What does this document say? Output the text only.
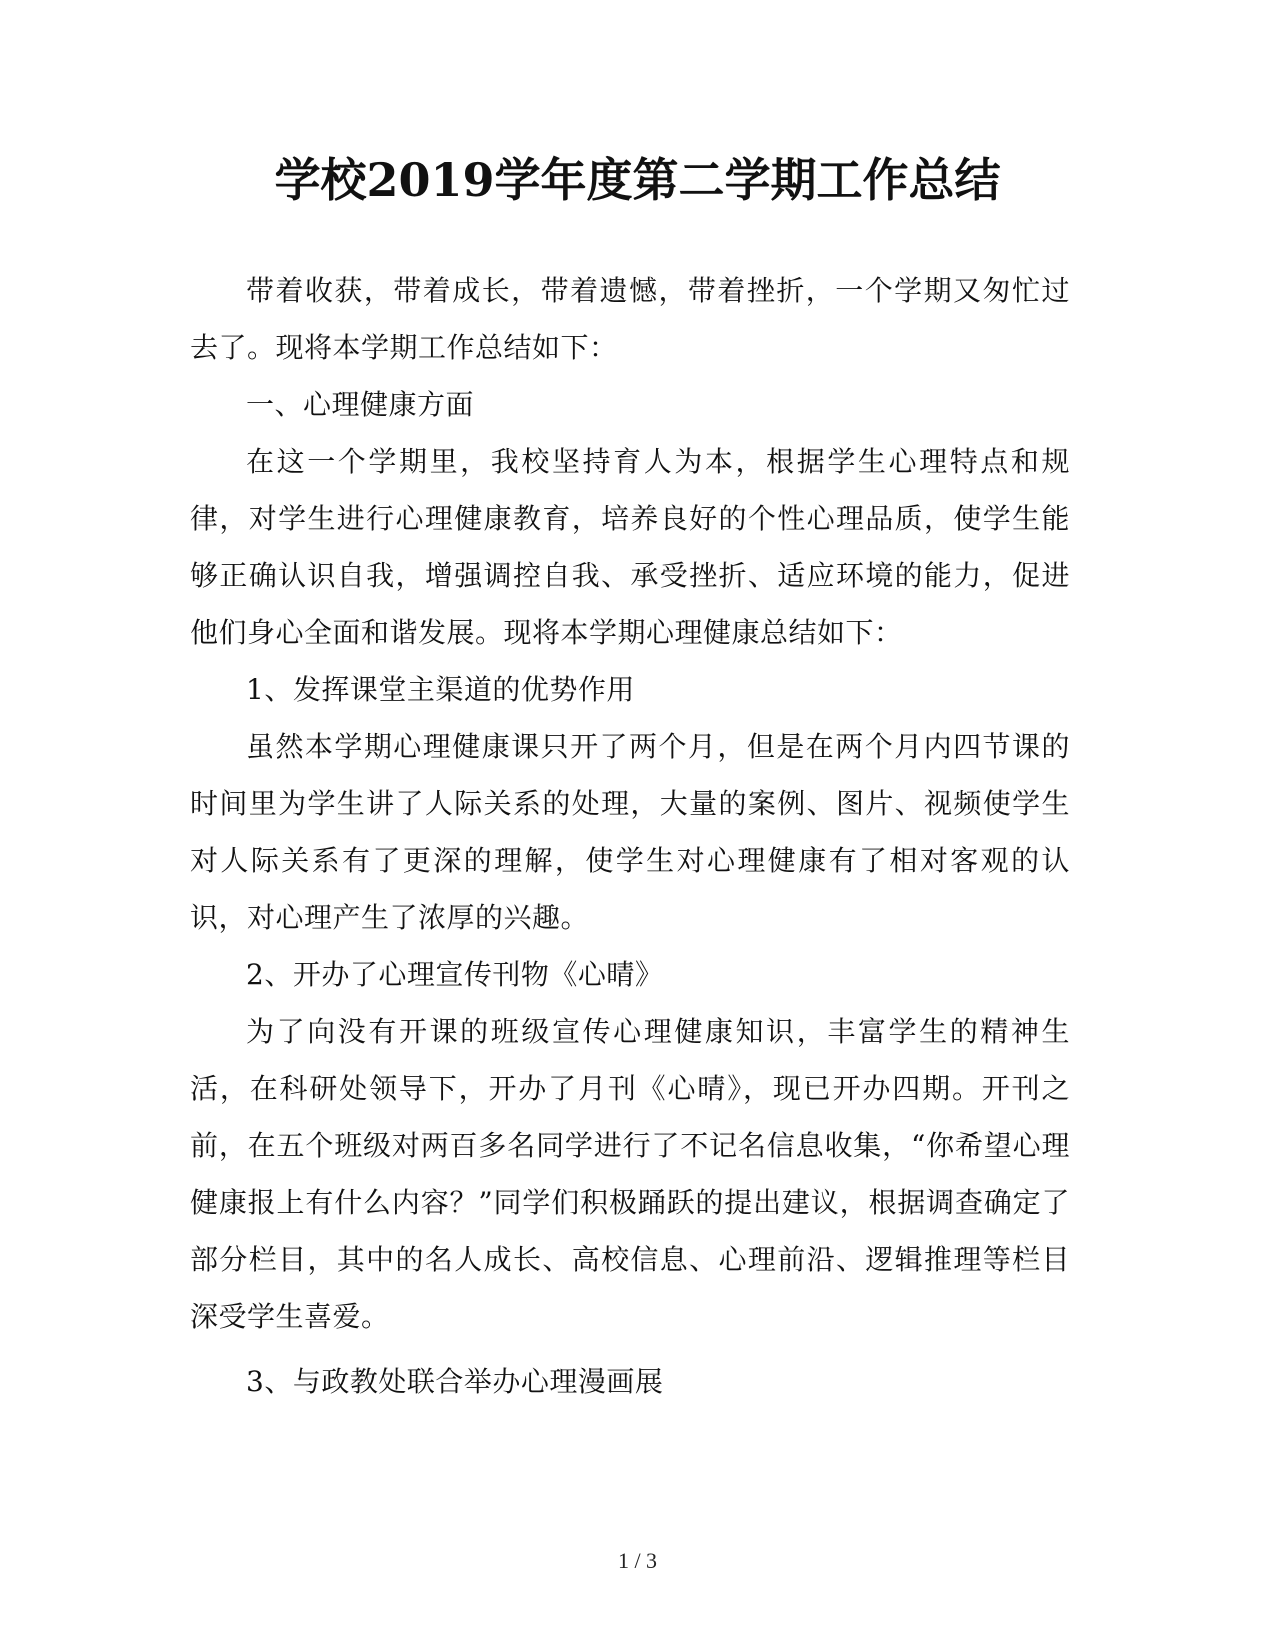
学校2019学年度第二学期工作总结

带着收获，带着成长，带着遗憾，带着挫折，一个学期又匆忙过去了。现将本学期工作总结如下：

一、心理健康方面

在这一个学期里，我校坚持育人为本，根据学生心理特点和规律，对学生进行心理健康教育，培养良好的个性心理品质，使学生能够正确认识自我，增强调控自我、承受挫折、适应环境的能力，促进他们身心全面和谐发展。现将本学期心理健康总结如下：

1、发挥课堂主渠道的优势作用

虽然本学期心理健康课只开了两个月，但是在两个月内四节课的时间里为学生讲了人际关系的处理，大量的案例、图片、视频使学生对人际关系有了更深的理解，使学生对心理健康有了相对客观的认识，对心理产生了浓厚的兴趣。

2、开办了心理宣传刊物《心晴》

为了向没有开课的班级宣传心理健康知识，丰富学生的精神生活，在科研处领导下，开办了月刊《心晴》，现已开办四期。开刊之前，在五个班级对两百多名同学进行了不记名信息收集，“你希望心理健康报上有什么内容？”同学们积极踊跃的提出建议，根据调查确定了部分栏目，其中的名人成长、高校信息、心理前沿、逻辑推理等栏目深受学生喜爱。

3、与政教处联合举办心理漫画展

1 / 3
